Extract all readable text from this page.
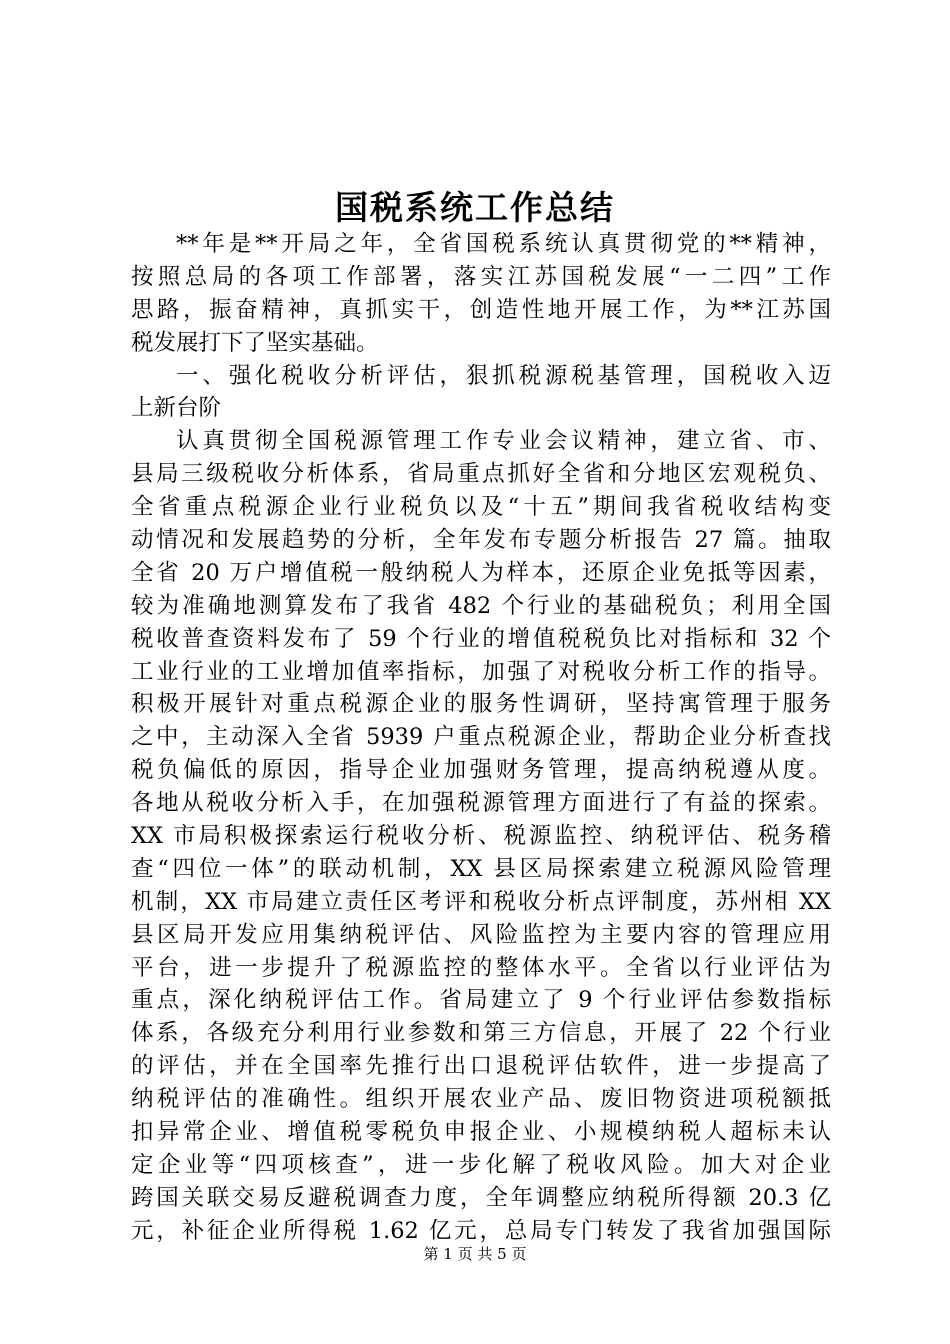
国税系统工作总结
**年是**开局之年，全省国税系统认真贯彻党的**精神，
按照总局的各项工作部署，落实江苏国税发展“一二四”工作
思路，振奋精神，真抓实干，创造性地开展工作，为**江苏国
税发展打下了坚实基础。
一、强化税收分析评估，狠抓税源税基管理，国税收入迈
上新台阶
认真贯彻全国税源管理工作专业会议精神，建立省、市、
县局三级税收分析体系，省局重点抓好全省和分地区宏观税负、
全省重点税源企业行业税负以及“十五”期间我省税收结构变
动情况和发展趋势的分析，全年发布专题分析报告 27 篇。抽取
全省 20 万户增值税一般纳税人为样本，还原企业免抵等因素，
较为准确地测算发布了我省 482 个行业的基础税负；利用全国
税收普查资料发布了 59 个行业的增值税税负比对指标和 32 个
工业行业的工业增加值率指标，加强了对税收分析工作的指导。
积极开展针对重点税源企业的服务性调研，坚持寓管理于服务
之中，主动深入全省 5939 户重点税源企业，帮助企业分析查找
税负偏低的原因，指导企业加强财务管理，提高纳税遵从度。
各地从税收分析入手，在加强税源管理方面进行了有益的探索。
XX 市局积极探索运行税收分析、税源监控、纳税评估、税务稽
查“四位一体”的联动机制，XX 县区局探索建立税源风险管理
机制，XX 市局建立责任区考评和税收分析点评制度，苏州相 XX
县区局开发应用集纳税评估、风险监控为主要内容的管理应用
平台，进一步提升了税源监控的整体水平。全省以行业评估为
重点，深化纳税评估工作。省局建立了 9 个行业评估参数指标
体系，各级充分利用行业参数和第三方信息，开展了 22 个行业
的评估，并在全国率先推行出口退税评估软件，进一步提高了
纳税评估的准确性。组织开展农业产品、废旧物资进项税额抵
扣异常企业、增值税零税负申报企业、小规模纳税人超标未认
定企业等“四项核查”，进一步化解了税收风险。加大对企业
跨国关联交易反避税调查力度，全年调整应纳税所得额 20.3 亿
元，补征企业所得税 1.62 亿元，总局专门转发了我省加强国际

第 1 页 共 5 页
